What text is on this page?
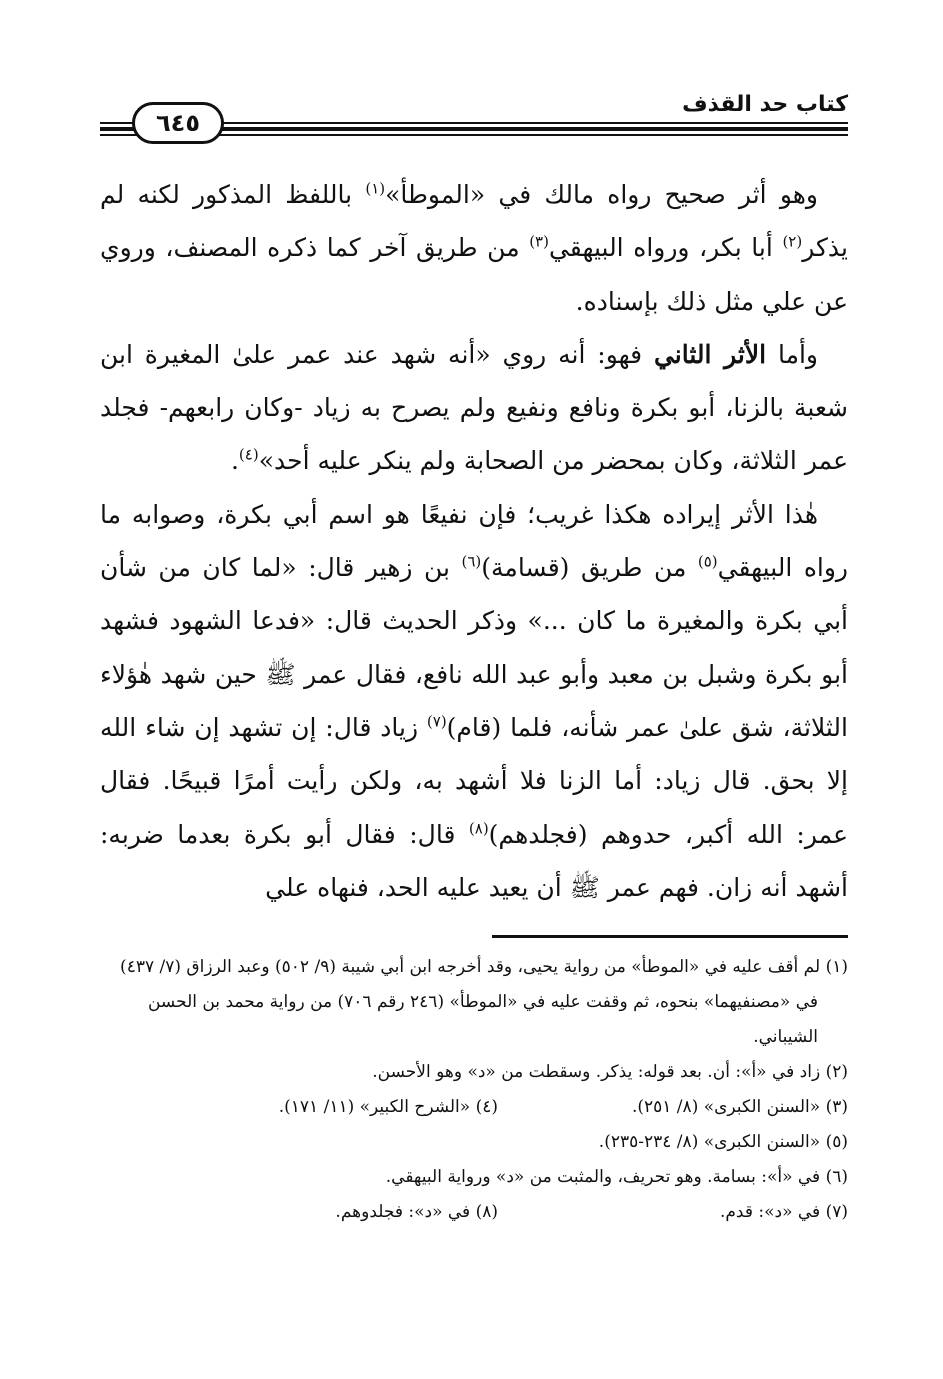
كتاب حد القذف
٦٤٥

وهو أثر صحيح رواه مالك في «الموطأ»$^{(١)}$ باللفظ المذكور لكنه لم يذكر$^{(٢)}$ أبا بكر، ورواه البيهقي$^{(٣)}$ من طريق آخر كما ذكره المصنف، وروي عن علي مثل ذلك بإسناده.

وأما الأثر الثاني فهو: أنه روي «أنه شهد عند عمر علىٰ المغيرة ابن شعبة بالزنا، أبو بكرة ونافع ونفيع ولم يصرح به زياد -وكان رابعهم- فجلد عمر الثلاثة، وكان بمحضر من الصحابة ولم ينكر عليه أحد»$^{(٤)}$.

هٰذا الأثر إيراده هكذا غريب؛ فإن نفيعًا هو اسم أبي بكرة، وصوابه ما رواه البيهقي$^{(٥)}$ من طريق (قسامة)$^{(٦)}$ بن زهير قال: «لما كان من شأن أبي بكرة والمغيرة ما كان ...» وذكر الحديث قال: «فدعا الشهود فشهد أبو بكرة وشبل بن معبد وأبو عبد الله نافع، فقال عمر ﷺ حين شهد هٰؤلاء الثلاثة، شق علىٰ عمر شأنه، فلما (قام)$^{(٧)}$ زياد قال: إن تشهد إن شاء الله إلا بحق. قال زياد: أما الزنا فلا أشهد به، ولكن رأيت أمرًا قبيحًا. فقال عمر: الله أكبر، حدوهم (فجلدهم)$^{(٨)}$ قال: فقال أبو بكرة بعدما ضربه: أشهد أنه زان. فهم عمر ﷺ أن يعيد عليه الحد، فنهاه علي

(١) لم أقف عليه في «الموطأ» من رواية يحيى، وقد أخرجه ابن أبي شيبة (٩/ ٥٠٢) وعبد الرزاق (٧/ ٤٣٧) في «مصنفيهما» بنحوه، ثم وقفت عليه في «الموطأ» (٢٤٦ رقم ٧٠٦) من رواية محمد بن الحسن الشيباني.

(٢) زاد في «أ»: أن. بعد قوله: يذكر. وسقطت من «د» وهو الأحسن.

(٣) «السنن الكبرى» (٨/ ٢٥١).
(٤) «الشرح الكبير» (١١/ ١٧١).

(٥) «السنن الكبرى» (٨/ ٢٣٤-٢٣٥).

(٦) في «أ»: بسامة. وهو تحريف، والمثبت من «د» ورواية البيهقي.

(٧) في «د»: قدم.
(٨) في «د»: فجلدوهم.
